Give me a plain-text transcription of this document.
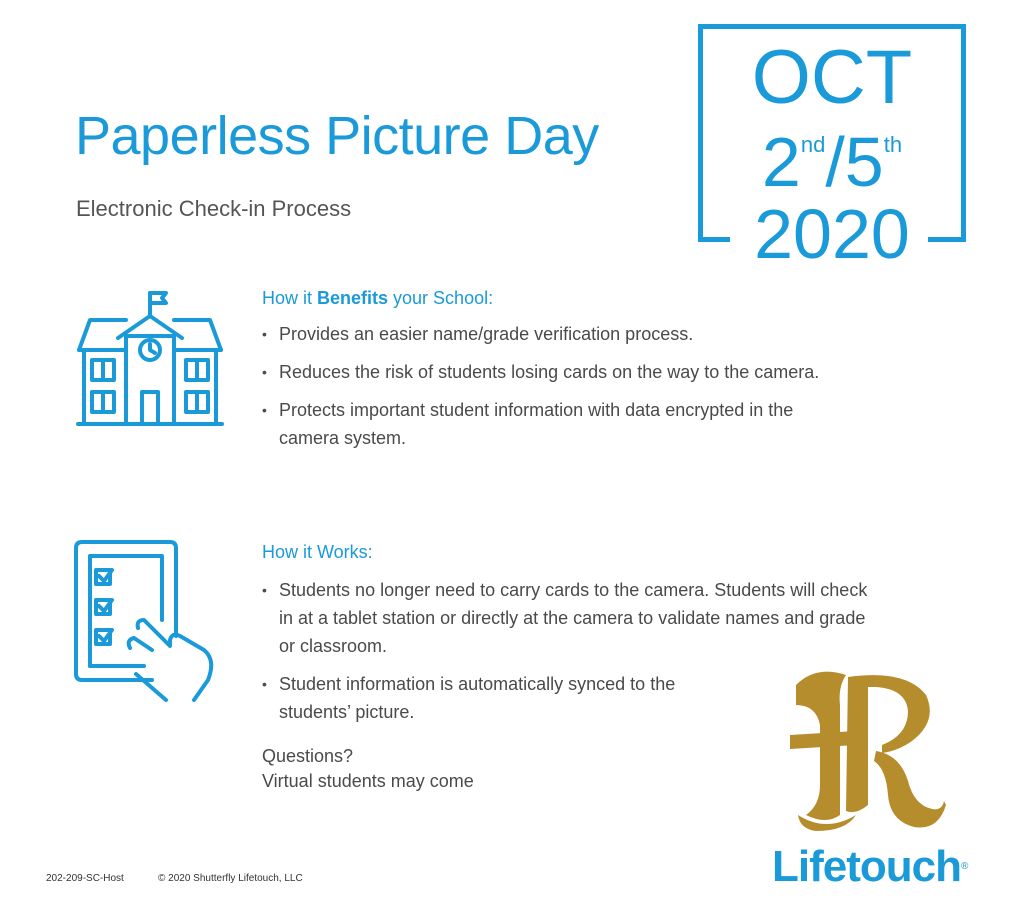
Paperless Picture Day
Electronic Check-in Process
OCT
2nd/5th
2020
How it Benefits your School:
• Provides an easier name/grade verification process.
• Reduces the risk of students losing cards on the way to the camera.
• Protects important student information with data encrypted in the camera system.
How it Works:
• Students no longer need to carry cards to the camera. Students will check in at a tablet station or directly at the camera to validate names and grade or classroom.
• Student information is automatically synced to the students’ picture.
Questions?
Virtual students may come
Lifetouch®
202-209-SC-Host	© 2020 Shutterfly Lifetouch, LLC
